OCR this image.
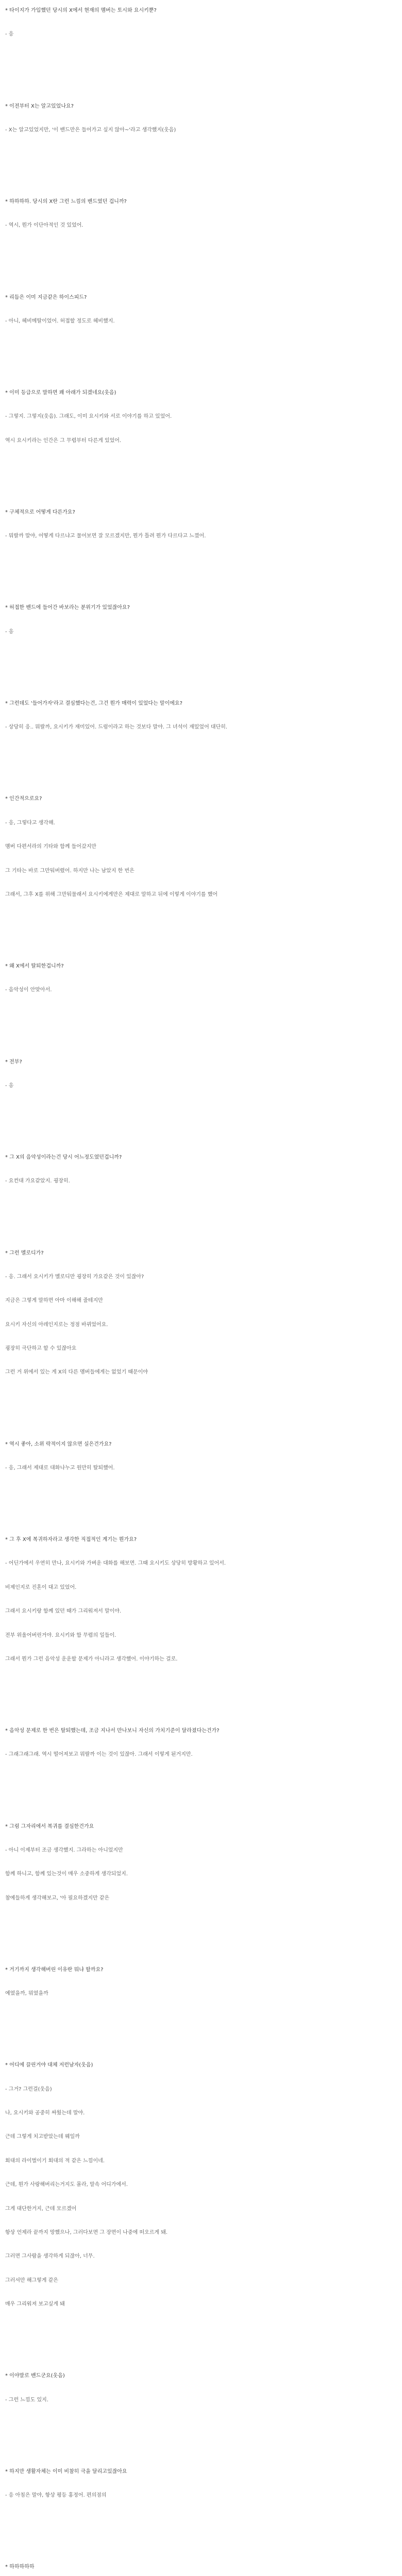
* 타이지가 가입했던 당시의 X에서 현재의 멤버는 토시와 요시키뿐?
- 응
* 이전부터 X는 알고있었나요?
- X는 알고있었지만, '이 밴드만은 들어가고 싶지 않아~'라고 생각했지(웃음)
* 하하하하. 당시의 X란 그런 느낌의 밴드였던 겁니까?
- 역시, 뭔가 이단아적인 것 있었어.
* 리듬은 이미 지금같은 하이스피드?
- 아니, 헤비메탈이었어. 허접할 정도로 헤비했지.
* 이미 등급으로 말하면 꽤 아래가 되겠네요(웃음)
- 그렇지. 그렇지(웃음). 그래도, 이미 요시키와 서로 이야기를 하고 있었어.
역시 요시키라는 인간은 그 무렵부터 다른게 있었어.
* 구체적으로 어떻게 다른가요?
- 뭐랄까 말야, 어떻게 다르냐고 물어보면 잘 모르겠지만, 뭔가 틀려 뭔가 다르다고 느꼈어.
* 허접한 밴드에 들어간 바보라는 분위기가 있었잖아요?
- 응
* 그런데도 '들어가자'라고 결심했다는건, 그건 뭔가 매력이 있었다는 말이에요?
- 상당히 응.. 뭐랄까, 요시키가 재미있어. 드럼이라고 하는 것보다 말야. 그 녀석이 재밌었어 대단히.
* 인간적으로요?
- 응, 그렇다고 생각해.
멤버 다편서라의 기타와 함께 들어갔지만
그 기타는 바로 그만둬버렸어. 하지만 나는 남았지 한 번은
그래서, 그후 X를 위해 그만둬물래서 요시키에게만은 제대로 말하고 뒤에 이렇게 이야기를 했어
* 왜 X에서 탈퇴한겁니까?
- 음악성이 안맞아서.
* 전부?
- 응
* 그 X의 음악성이라는건 당시 어느정도였던겁니까?
- 요컨대 가요같았지. 굉장히.
* 그런 멜로디가?
- 응. 그래서 요시키가 멜로디만 굉장히 가요같은 것이 있잖아?
지금은 그렇게 말하면 아마 이해해 줄테지만
요시키 자신의 아레인지로는 정점 바뀌었어요.
굉장히 극단하고 할 수 있잖아요
그런 거 위에서 있는 게 X의 다른 멤버들에게는 없었기 때문이야
* 역시 좋아, 소위 락적이지 않으면 실은건가요?
- 응, 그래서 제대로 대화나누고 원만히 탈퇴했어.
* 그 후 X에 복귀하자라고 생각한 직접적인 계기는 뭔가요?
- 어딘가에서 우연히 만나, 요시키와 가벼운 대화를 해보면. 그때 요시키도 상당히 방황하고 있어서.
비제인지로 진혼이 대고 있었어.
그래서 요시키랑 함께 있던 때가 그리워져서 말이야.
전부 위울어버린거야. 요시키와 함 무렵의 일들이.
그래서 뭔가 그런 음악성 운운할 문제가 아니라고 생각했어. 이야기하는 걸로.
* 음악성 문제로 한 번은 탈퇴했는데, 조금 지나서 만나보니 자신의 가치기준이 달라졌다는건가?
- 그래그래그래. 역시 떨어져보고 뭐랄까 이는 것이 있잖아. 그래서 이렇게 된거지만.
* 그럼 그자리에서 복귀를 결심한건가요
- 아니 이제부터 조금 생각했지. 그라하는 아니었지만
함께 하니고, 함께 있는것이 매우 소중하게 생각되었지.
참예들하게 생각해보고, '아 필요하겠지만 같은
* 거기까지 생각해버린 이유란 뭐냐 할까요?
예였을까, 뭐였을까
* 어디에 끌린거야 대체 저런남자(웃음)
- 그거? 그런걸(웃음)
나, 요시키와 공중히 싸웠는데 말야.
근데 그렇게 치고받았는데 웨일까
회대의 라이벌이기 회대의 적 같은 느낌이네.
근데, 뭔가 사랑해버리는거지도 몰라, 말속 어디가에서.
그게 대단한거지, 근데 모르겠어
항상 언제라 끝까지 망했으나, 그러다보면 그 장면이 나중에 떠오르게 돼.
그러면 그사람을 생각하게 되잖아, 너무.
그러셔만 해그렇게 같은
매우 그리워져 보고싶게 돼
* 이야말로 밴드군요(웃음)
- 그런 느낌도 있지.
* 하지만 생활자체는 이미 비참히 극을 달리고있잖아요
- 응 아침은 말야, 항상 평등 홍정어. 편의점의
* 하하하하하
